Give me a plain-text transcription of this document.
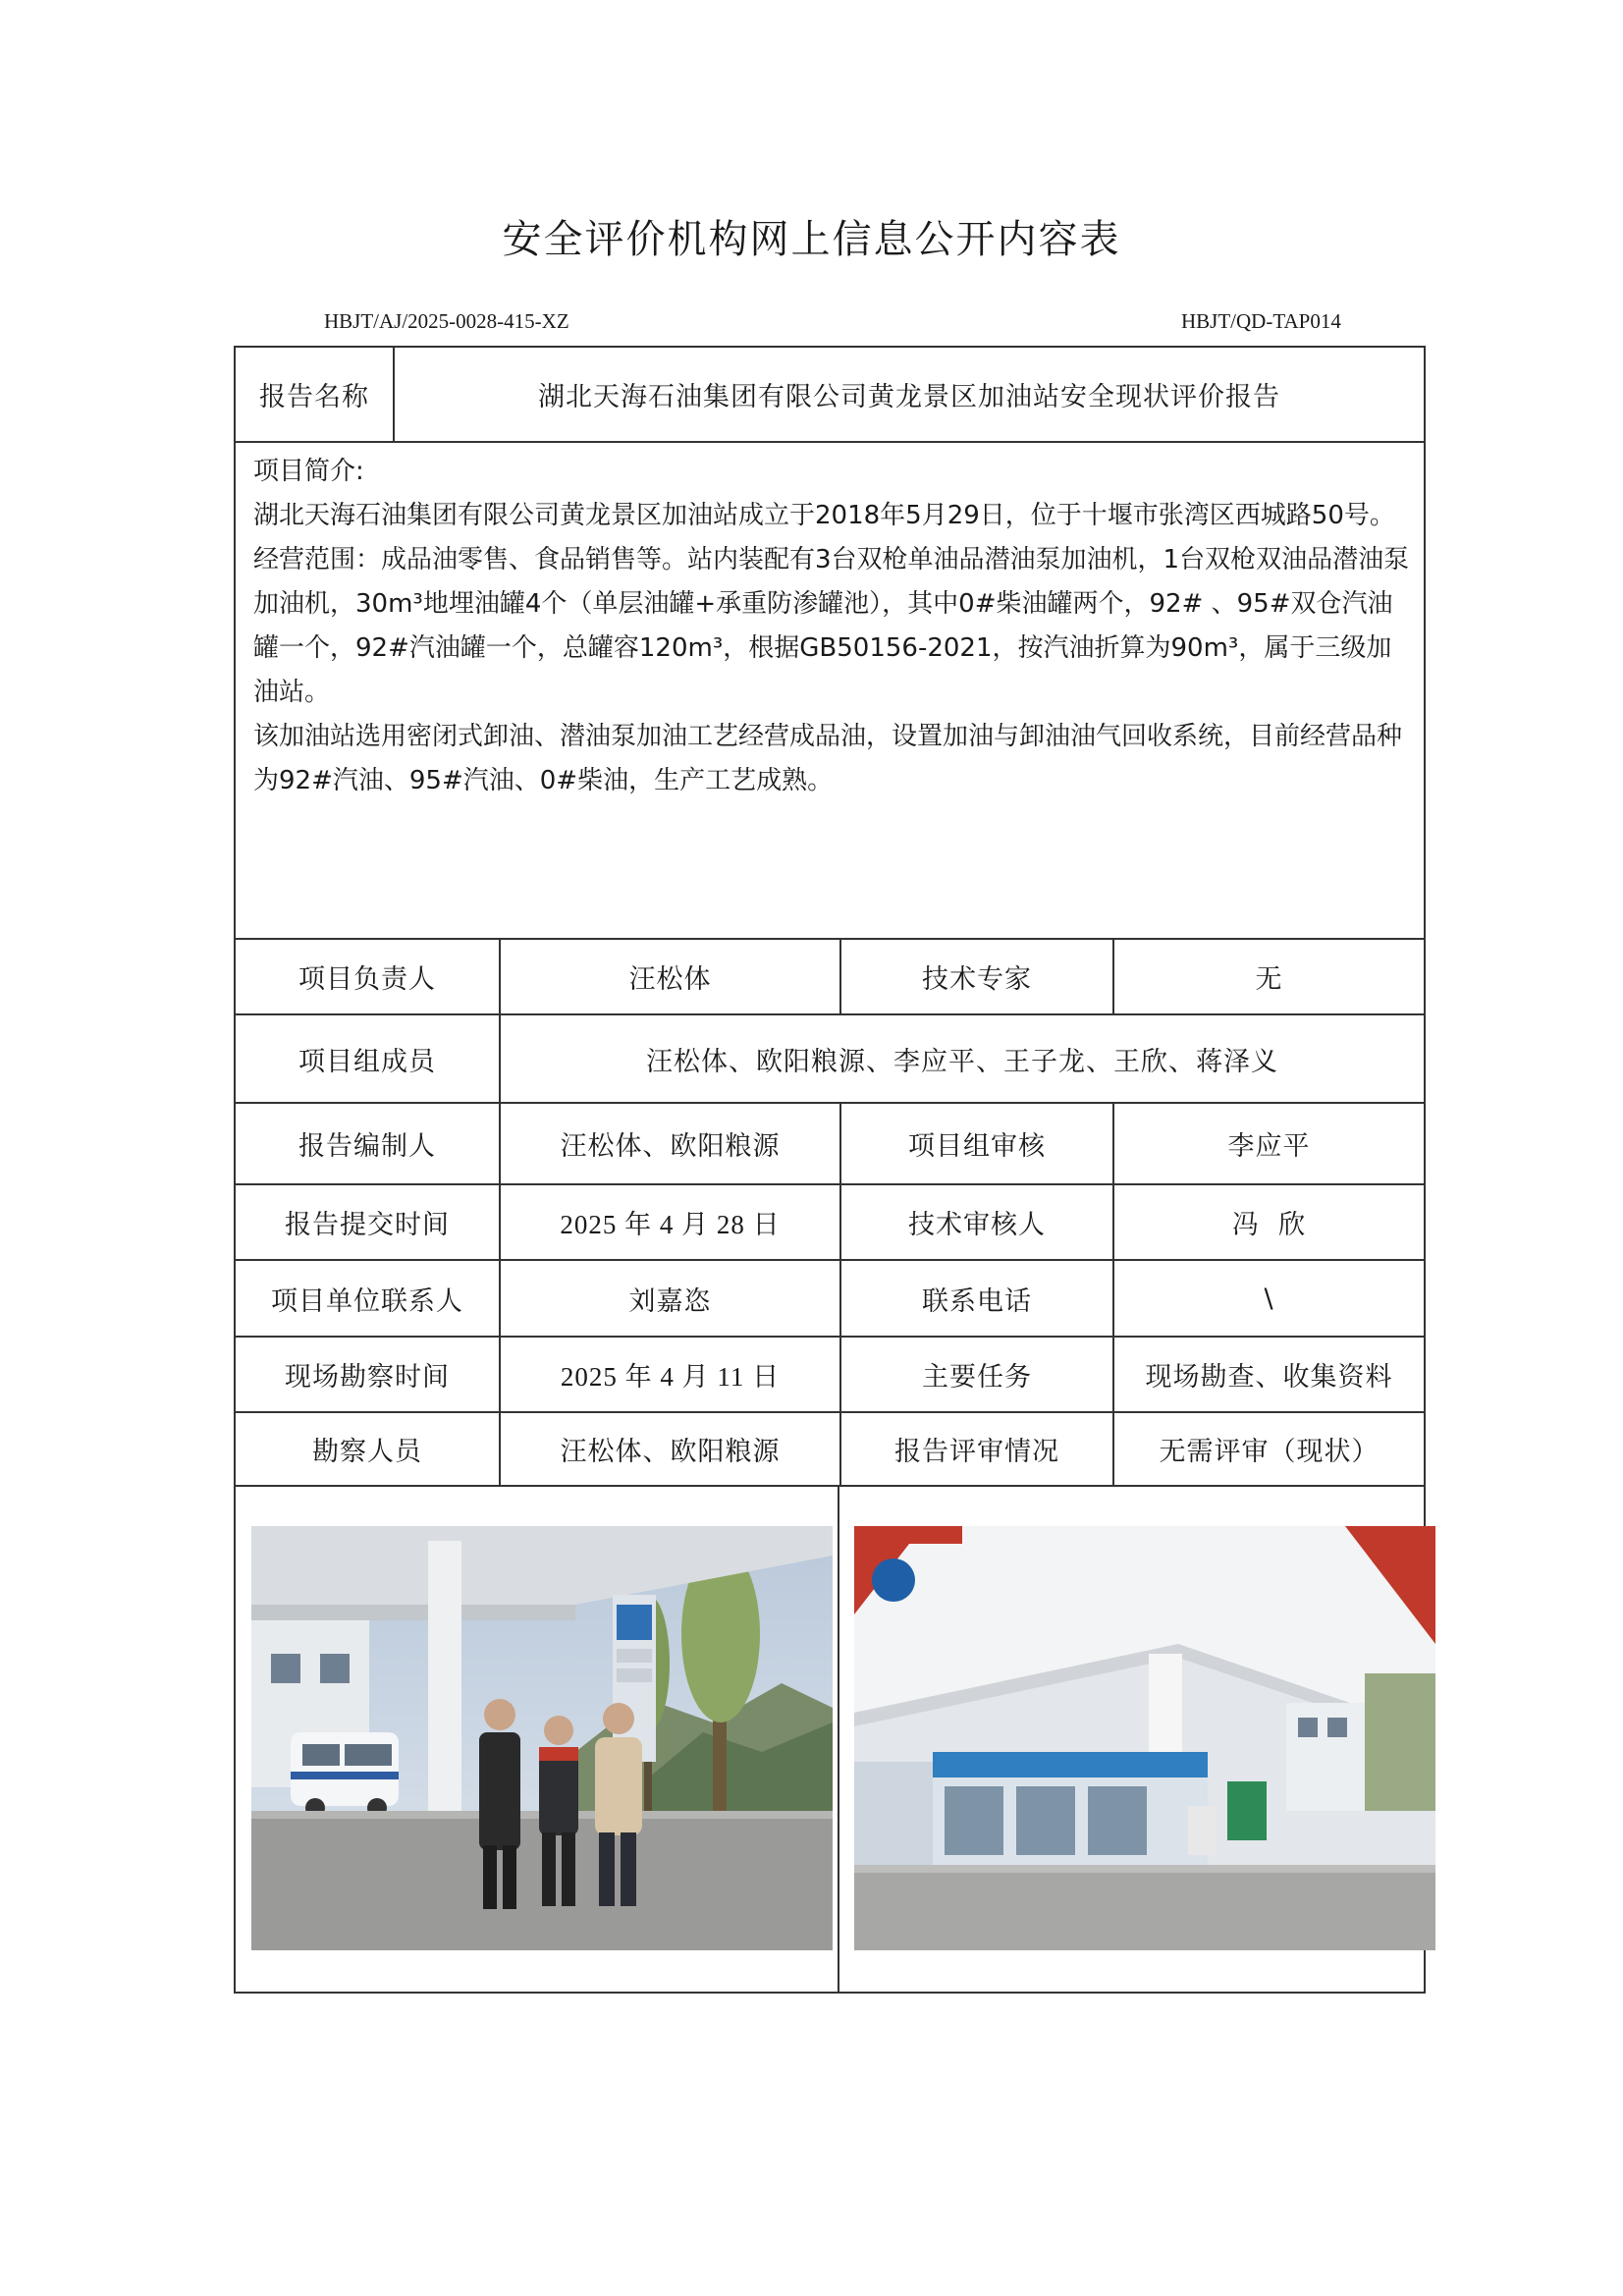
安全评价机构网上信息公开内容表
HBJT/AJ/2025-0028-415-XZ	HBJT/QD-TAP014
报告名称	湖北天海石油集团有限公司黄龙景区加油站安全现状评价报告

项目简介:

湖北天海石油集团有限公司黄龙景区加油站成立于2018年5月29日，位于十堰市张湾区西城路50号。经营范围：成品油零售、食品销售等。站内装配有3台双枪单油品潜油泵加油机，1台双枪双油品潜油泵加油机，30m³地埋油罐4个（单层油罐+承重防渗罐池），其中0#柴油罐两个，92# 、95#双仓汽油罐一个，92#汽油罐一个，总罐容120m³，根据GB50156-2021，按汽油折算为90m³，属于三级加油站。

该加油站选用密闭式卸油、潜油泵加油工艺经营成品油，设置加油与卸油油气回收系统，目前经营品种为92#汽油、95#汽油、0#柴油，生产工艺成熟。

项目负责人	汪松体	技术专家	无
项目组成员	汪松体、欧阳粮源、李应平、王子龙、王欣、蒋泽义
报告编制人	汪松体、欧阳粮源	项目组审核	李应平
报告提交时间	2025 年 4 月 28 日	技术审核人	冯  欣
项目单位联系人	刘嘉恣	联系电话	\
现场勘察时间	2025 年 4 月 11 日	主要任务	现场勘查、收集资料
勘察人员	汪松体、欧阳粮源	报告评审情况	无需评审（现状）
